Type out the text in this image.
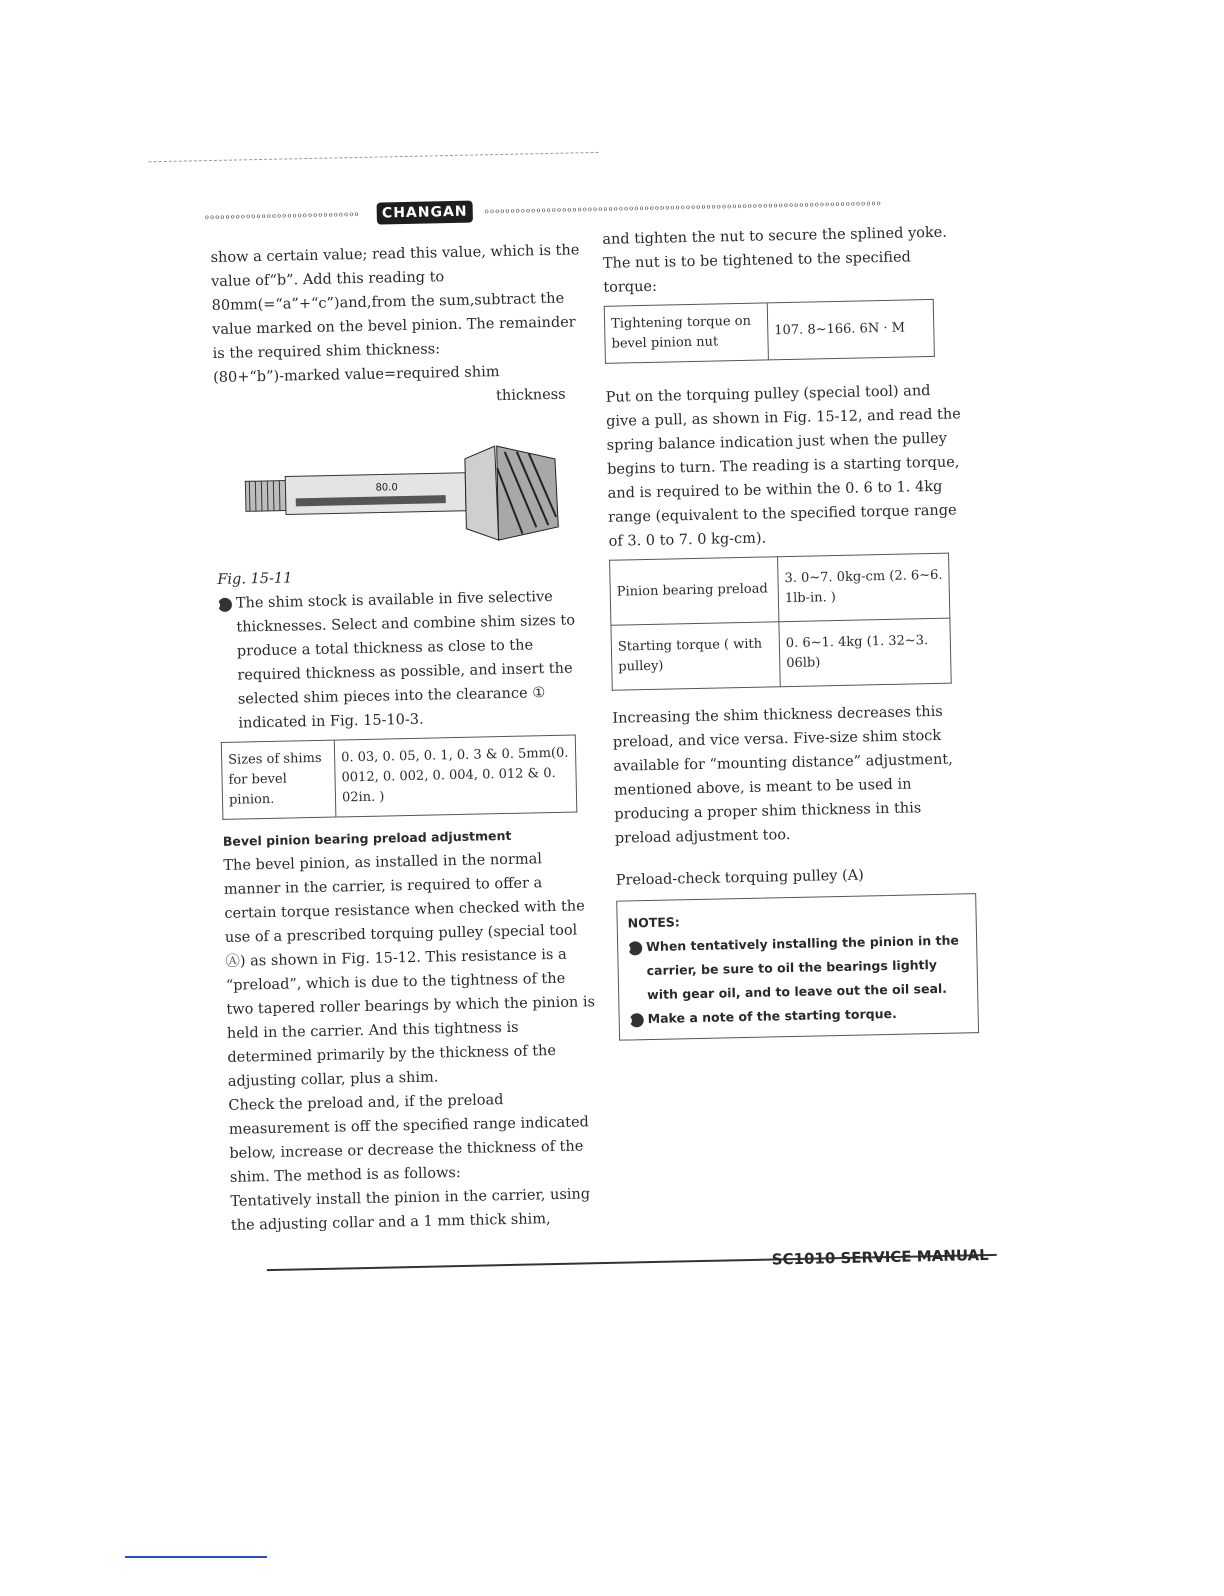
ℴℴℴℴℴℴℴℴℴℴℴℴℴℴℴℴℴℴℴℴℴℴℴℴℴℴℴℴℴℴ	CHANGAN	ℴℴℴℴℴℴℴℴℴℴℴℴℴℴℴℴℴℴℴℴℴℴℴℴℴℴℴℴℴℴℴℴℴℴℴℴℴℴℴℴℴℴℴℴℴℴℴℴℴℴℴℴℴℴℴℴℴℴℴℴℴℴℴℴℴℴℴℴℴℴℴℴℴℴℴℴℴ

show a certain value; read this value, which is the value of“b”. Add this reading to 80mm(=“a”+“c”)and,from the sum,subtract the value marked on the bevel pinion. The remainder is the required shim thickness:

(80+“b”)-marked value=required shim

thickness

80.0

Fig. 15-11

● The shim stock is available in five selective thicknesses. Select and combine shim sizes to produce a total thickness as close to the required thickness as possible, and insert the selected shim pieces into the clearance ① indicated in Fig. 15-10-3.

Sizes of shims for bevel pinion.	0. 03, 0. 05, 0. 1, 0. 3 & 0. 5mm(0. 0012, 0. 002, 0. 004, 0. 012 & 0. 02in. )

Bevel pinion bearing preload adjustment

The bevel pinion, as installed in the normal manner in the carrier, is required to offer a certain torque resistance when checked with the use of a prescribed torquing pulley (special tool Ⓐ) as shown in Fig. 15-12. This resistance is a “preload”, which is due to the tightness of the two tapered roller bearings by which the pinion is held in the carrier. And this tightness is determined primarily by the thickness of the adjusting collar, plus a shim.

Check the preload and, if the preload measurement is off the specified range indicated below, increase or decrease the thickness of the shim. The method is as follows:

Tentatively install the pinion in the carrier, using the adjusting collar and a 1 mm thick shim,

and tighten the nut to secure the splined yoke. The nut is to be tightened to the specified torque:

Tightening torque on bevel pinion nut	107. 8~166. 6N · M

Put on the torquing pulley (special tool) and give a pull, as shown in Fig. 15-12, and read the spring balance indication just when the pulley begins to turn. The reading is a starting torque, and is required to be within the 0. 6 to 1. 4kg range (equivalent to the specified torque range of 3. 0 to 7. 0 kg-cm).

Pinion bearing preload	3. 0~7. 0kg-cm (2. 6~6. 1lb-in. )
Starting torque ( with pulley)	0. 6~1. 4kg (1. 32~3. 06lb)

Increasing the shim thickness decreases this preload, and vice versa. Five-size shim stock available for “mounting distance” adjustment, mentioned above, is meant to be used in producing a proper shim thickness in this preload adjustment too.

Preload-check torquing pulley (A)

NOTES:
● When tentatively installing the pinion in the carrier, be sure to oil the bearings lightly with gear oil, and to leave out the oil seal.
● Make a note of the starting torque.
SC1010 SERVICE MANUAL
